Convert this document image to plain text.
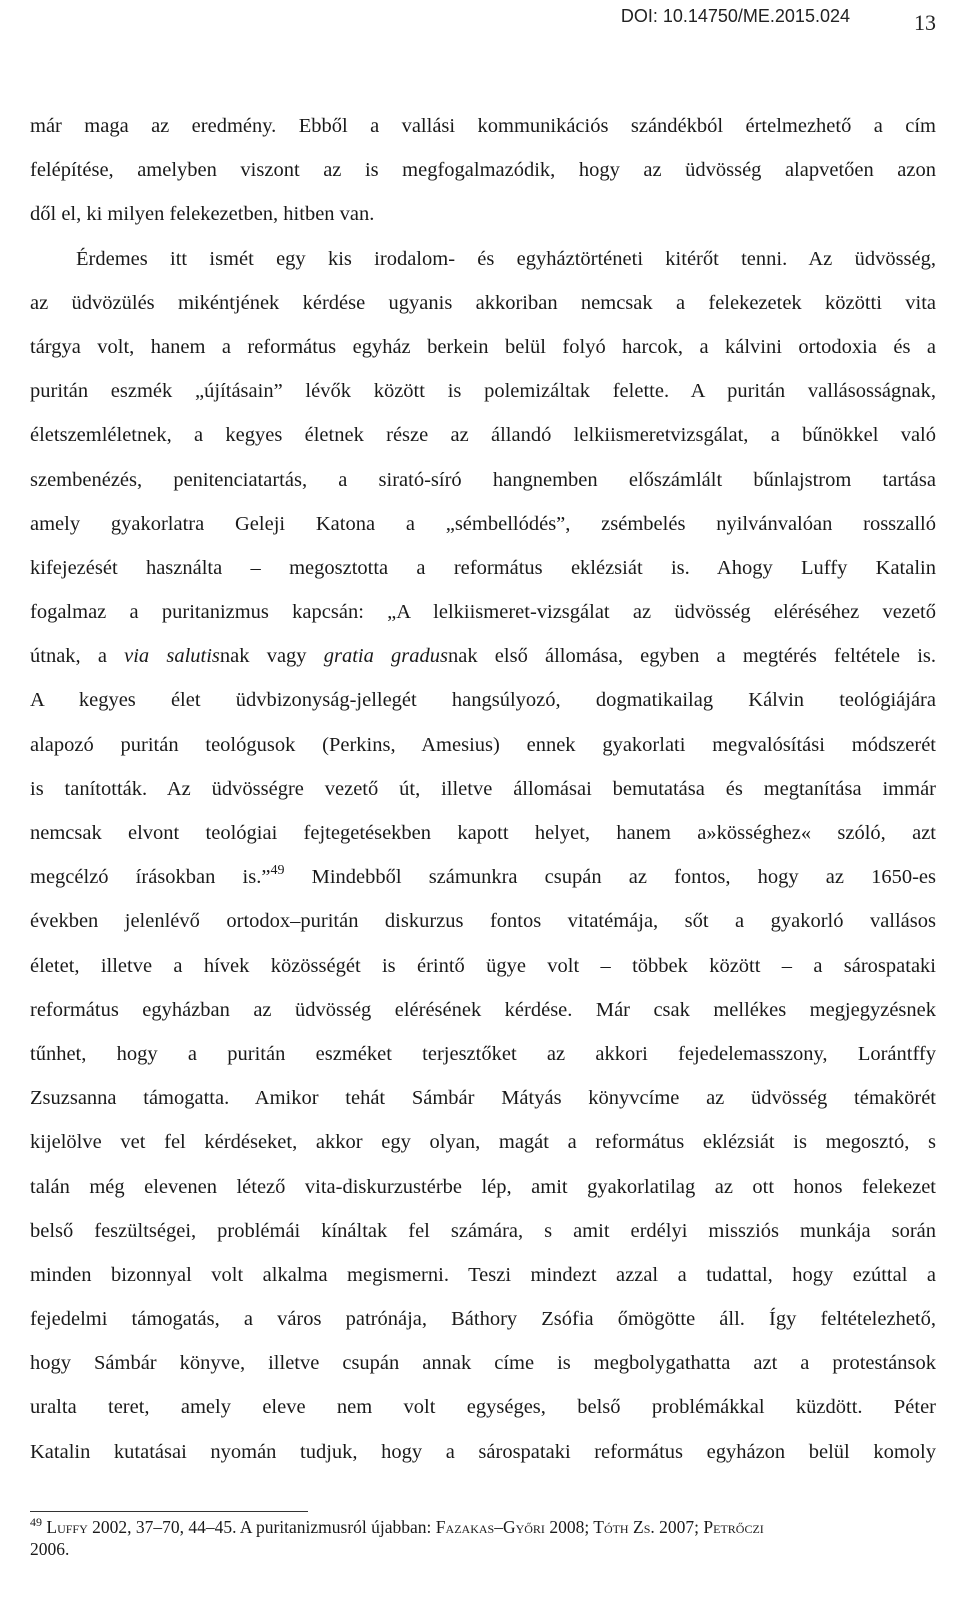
DOI: 10.14750/ME.2015.024	13
már maga az eredmény. Ebből a vallási kommunikációs szándékból értelmezhető a cím
felépítése, amelyben viszont az is megfogalmazódik, hogy az üdvösség alapvetően azon
dől el, ki milyen felekezetben, hitben van.
Érdemes itt ismét egy kis irodalom- és egyháztörténeti kitérőt tenni. Az üdvösség,
az üdvözülés mikéntjének kérdése ugyanis akkoriban nemcsak a felekezetek közötti vita
tárgya volt, hanem a református egyház berkein belül folyó harcok, a kálvini ortodoxia és a
puritán eszmék „újításain” lévők között is polemizáltak felette. A puritán vallásosságnak,
életszemléletnek, a kegyes életnek része az állandó lelkiismeretvizsgálat, a bűnökkel való
szembenézés, penitenciatartás, a sirató-síró hangnemben előszámlált bűnlajstrom tartása
amely gyakorlatra Geleji Katona a „sémbellódés”, zsémbelés nyilvánvalóan rosszalló
kifejezését használta – megosztotta a református eklézsiát is. Ahogy Luffy Katalin
fogalmaz a puritanizmus kapcsán: „A lelkiismeret-vizsgálat az üdvösség eléréséhez vezető
útnak, a via salutisnak vagy gratia gradusnak első állomása, egyben a megtérés feltétele is.
A kegyes élet üdvbizonyság-jellegét hangsúlyozó, dogmatikailag Kálvin teológiájára
alapozó puritán teológusok (Perkins, Amesius) ennek gyakorlati megvalósítási módszerét
is tanították. Az üdvösségre vezető út, illetve állomásai bemutatása és megtanítása immár
nemcsak elvont teológiai fejtegetésekben kapott helyet, hanem a»kösséghez« szóló, azt
megcélzó írásokban is.”$^{49}$ Mindebből számunkra csupán az fontos, hogy az 1650-es
években jelenlévő ortodox–puritán diskurzus fontos vitatémája, sőt a gyakorló vallásos
életet, illetve a hívek közösségét is érintő ügye volt – többek között – a sárospataki
református egyházban az üdvösség elérésének kérdése. Már csak mellékes megjegyzésnek
tűnhet, hogy a puritán eszméket terjesztőket az akkori fejedelemasszony, Lorántffy
Zsuzsanna támogatta. Amikor tehát Sámbár Mátyás könyvcíme az üdvösség témakörét
kijelölve vet fel kérdéseket, akkor egy olyan, magát a református eklézsiát is megosztó, s
talán még elevenen létező vita-diskurzustérbe lép, amit gyakorlatilag az ott honos felekezet
belső feszültségei, problémái kínáltak fel számára, s amit erdélyi missziós munkája során
minden bizonnyal volt alkalma megismerni. Teszi mindezt azzal a tudattal, hogy ezúttal a
fejedelmi támogatás, a város patrónája, Báthory Zsófia őmögötte áll. Így feltételezhető,
hogy Sámbár könyve, illetve csupán annak címe is megbolygathatta azt a protestánsok
uralta teret, amely eleve nem volt egységes, belső problémákkal küzdött. Péter
Katalin kutatásai nyomán tudjuk, hogy a sárospataki református egyházon belül komoly
$^{49}$ Luffy 2002, 37–70, 44–45. A puritanizmusról újabban: Fazakas–Győri 2008; Tóth Zs. 2007; Petrőczi
2006.
